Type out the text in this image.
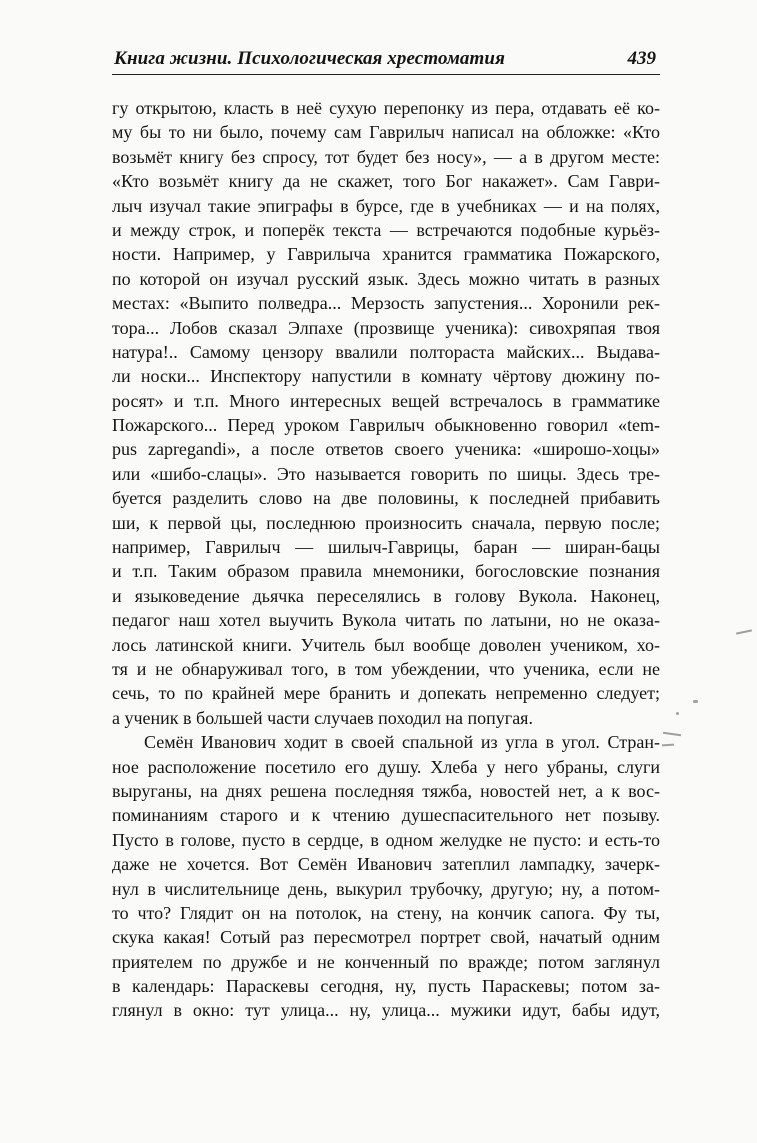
Книга жизни. Психологическая хрестоматия	439
гу открытою, класть в неё сухую перепонку из пера, отдавать её ко-
му бы то ни было, почему сам Гаврилыч написал на обложке: «Кто
возьмёт книгу без спросу, тот будет без носу», — а в другом месте:
«Кто возьмёт книгу да не скажет, того Бог накажет». Сам Гаври-
лыч изучал такие эпиграфы в бурсе, где в учебниках — и на полях,
и между строк, и поперёк текста — встречаются подобные курьёз-
ности. Например, у Гаврилыча хранится грамматика Пожарского,
по которой он изучал русский язык. Здесь можно читать в разных
местах: «Выпито полведра... Мерзость запустения... Хоронили рек-
тора... Лобов сказал Элпахе (прозвище ученика): сивохряпая твоя
натура!.. Самому цензору ввалили полтораста майских... Выдава-
ли носки... Инспектору напустили в комнату чёртову дюжину по-
росят» и т.п. Много интересных вещей встречалось в грамматике
Пожарского... Перед уроком Гаврилыч обыкновенно говорил «tem-
pus zapregandi», а после ответов своего ученика: «широшо-хоцы»
или «шибо-слацы». Это называется говорить по шицы. Здесь тре-
буется разделить слово на две половины, к последней прибавить
ши, к первой цы, последнюю произносить сначала, первую после;
например, Гаврилыч — шилыч-Гаврицы, баран — ширан-бацы
и т.п. Таким образом правила мнемоники, богословские познания
и языковедение дьячка переселялись в голову Вукола. Наконец,
педагог наш хотел выучить Вукола читать по латыни, но не оказа-
лось латинской книги. Учитель был вообще доволен учеником, хо-
тя и не обнаруживал того, в том убеждении, что ученика, если не
сечь, то по крайней мере бранить и допекать непременно следует;
а ученик в большей части случаев походил на попугая.
Семён Иванович ходит в своей спальной из угла в угол. Стран-
ное расположение посетило его душу. Хлеба у него убраны, слуги
выруганы, на днях решена последняя тяжба, новостей нет, а к вос-
поминаниям старого и к чтению душеспасительного нет позыву.
Пусто в голове, пусто в сердце, в одном желудке не пусто: и есть-то
даже не хочется. Вот Семён Иванович затеплил лампадку, зачерк-
нул в числительнице день, выкурил трубочку, другую; ну, а потом-
то что? Глядит он на потолок, на стену, на кончик сапога. Фу ты,
скука какая! Сотый раз пересмотрел портрет свой, начатый одним
приятелем по дружбе и не конченный по вражде; потом заглянул
в календарь: Параскевы сегодня, ну, пусть Параскевы; потом за-
глянул в окно: тут улица... ну, улица... мужики идут, бабы идут,
